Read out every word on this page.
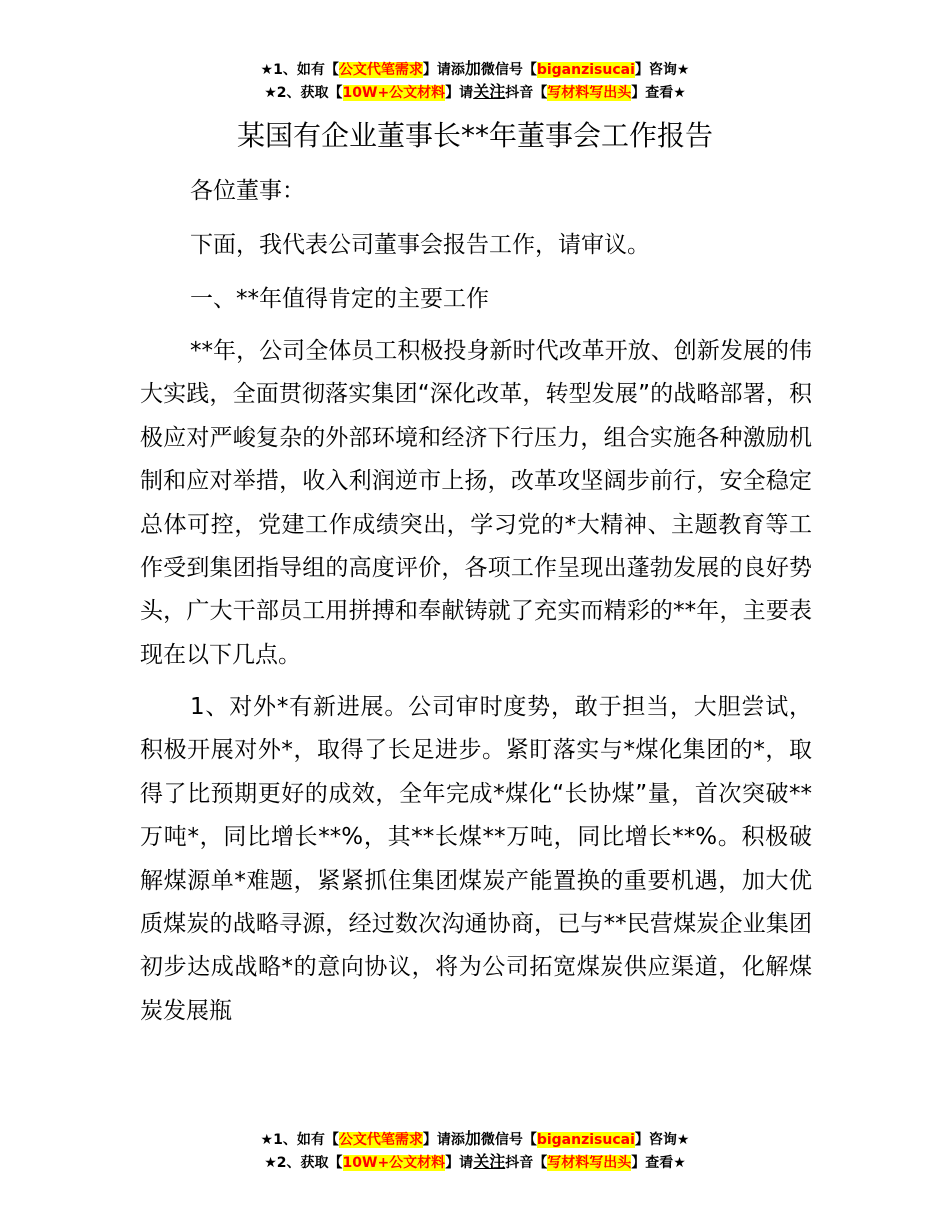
★1、如有【公文代笔需求】请添加微信号【biganzisucai】咨询★
★2、获取【10W+公文材料】请关注抖音【写材料写出头】查看★
某国有企业董事长**年董事会工作报告

各位董事：

下面，我代表公司董事会报告工作，请审议。

一、**年值得肯定的主要工作

**年，公司全体员工积极投身新时代改革开放、创新发展的伟大实践，全面贯彻落实集团“深化改革，转型发展”的战略部署，积极应对严峻复杂的外部环境和经济下行压力，组合实施各种激励机制和应对举措，收入利润逆市上扬，改革攻坚阔步前行，安全稳定总体可控，党建工作成绩突出，学习党的*大精神、主题教育等工作受到集团指导组的高度评价，各项工作呈现出蓬勃发展的良好势头，广大干部员工用拼搏和奉献铸就了充实而精彩的**年，主要表现在以下几点。

1、对外*有新进展。公司审时度势，敢于担当，大胆尝试，积极开展对外*，取得了长足进步。紧盯落实与*煤化集团的*，取得了比预期更好的成效，全年完成*煤化“长协煤”量，首次突破**万吨*，同比增长**%，其**长煤**万吨，同比增长**%。积极破解煤源单*难题，紧紧抓住集团煤炭产能置换的重要机遇，加大优质煤炭的战略寻源，经过数次沟通协商，已与**民营煤炭企业集团初步达成战略*的意向协议，将为公司拓宽煤炭供应渠道，化解煤炭发展瓶

★1、如有【公文代笔需求】请添加微信号【biganzisucai】咨询★
★2、获取【10W+公文材料】请关注抖音【写材料写出头】查看★
